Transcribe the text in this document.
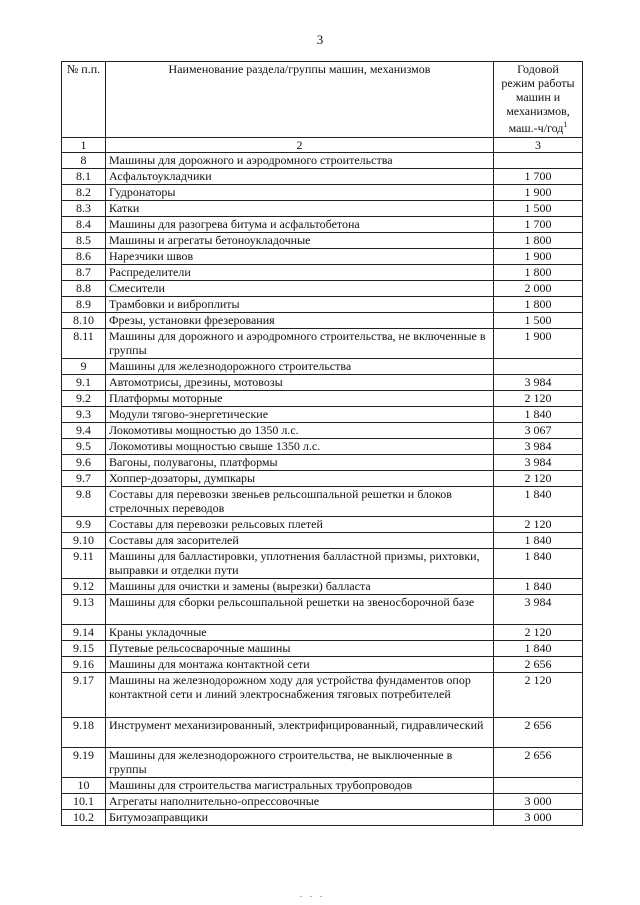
3
№ п.п.	Наименование раздела/группы машин, механизмов	Годовой
режим работы
машин и
механизмов,
маш.-ч/год$^1$

1	2	3
8	Машины для дорожного и аэродромного строительства	
8.1	Асфальтоукладчики	1 700
8.2	Гудронаторы	1 900
8.3	Катки	1 500
8.4	Машины для разогрева битума и асфальтобетона	1 700
8.5	Машины и агрегаты бетоноукладочные	1 800
8.6	Нарезчики швов	1 900
8.7	Распределители	1 800
8.8	Смесители	2 000
8.9	Трамбовки и виброплиты	1 800
8.10	Фрезы, установки фрезерования	1 500
8.11	Машины для дорожного и аэродромного строительства, не включенные в группы	1 900
9	Машины для железнодорожного строительства	
9.1	Автомотрисы, дрезины, мотовозы	3 984
9.2	Платформы моторные	2 120
9.3	Модули тягово-энергетические	1 840
9.4	Локомотивы мощностью до 1350 л.с.	3 067
9.5	Локомотивы мощностью свыше 1350 л.с.	3 984
9.6	Вагоны, полувагоны, платформы	3 984
9.7	Хоппер-дозаторы, думпкары	2 120
9.8	Составы для перевозки звеньев рельсошпальной решетки и блоков стрелочных переводов	1 840
9.9	Составы для перевозки рельсовых плетей	2 120
9.10	Составы для засорителей	1 840
9.11	Машины для балластировки, уплотнения балластной призмы, рихтовки, выправки и отделки пути	1 840
9.12	Машины для очистки и замены (вырезки) балласта	1 840
9.13	Машины для сборки рельсошпальной решетки на звеносборочной базе	3 984
9.14	Краны укладочные	2 120
9.15	Путевые рельсосварочные машины	1 840
9.16	Машины для монтажа контактной сети	2 656
9.17	Машины на железнодорожном ходу для устройства фундаментов опор контактной сети и линий электроснабжения тяговых потребителей	2 120
9.18	Инструмент механизированный, электрифицированный, гидравлический	2 656
9.19	Машины для железнодорожного строительства, не выключенные в группы	2 656
10	Машины для строительства магистральных трубопроводов	
10.1	Агрегаты наполнительно-опрессовочные	3 000
10.2	Битумозаправщики	3 000
. . .
